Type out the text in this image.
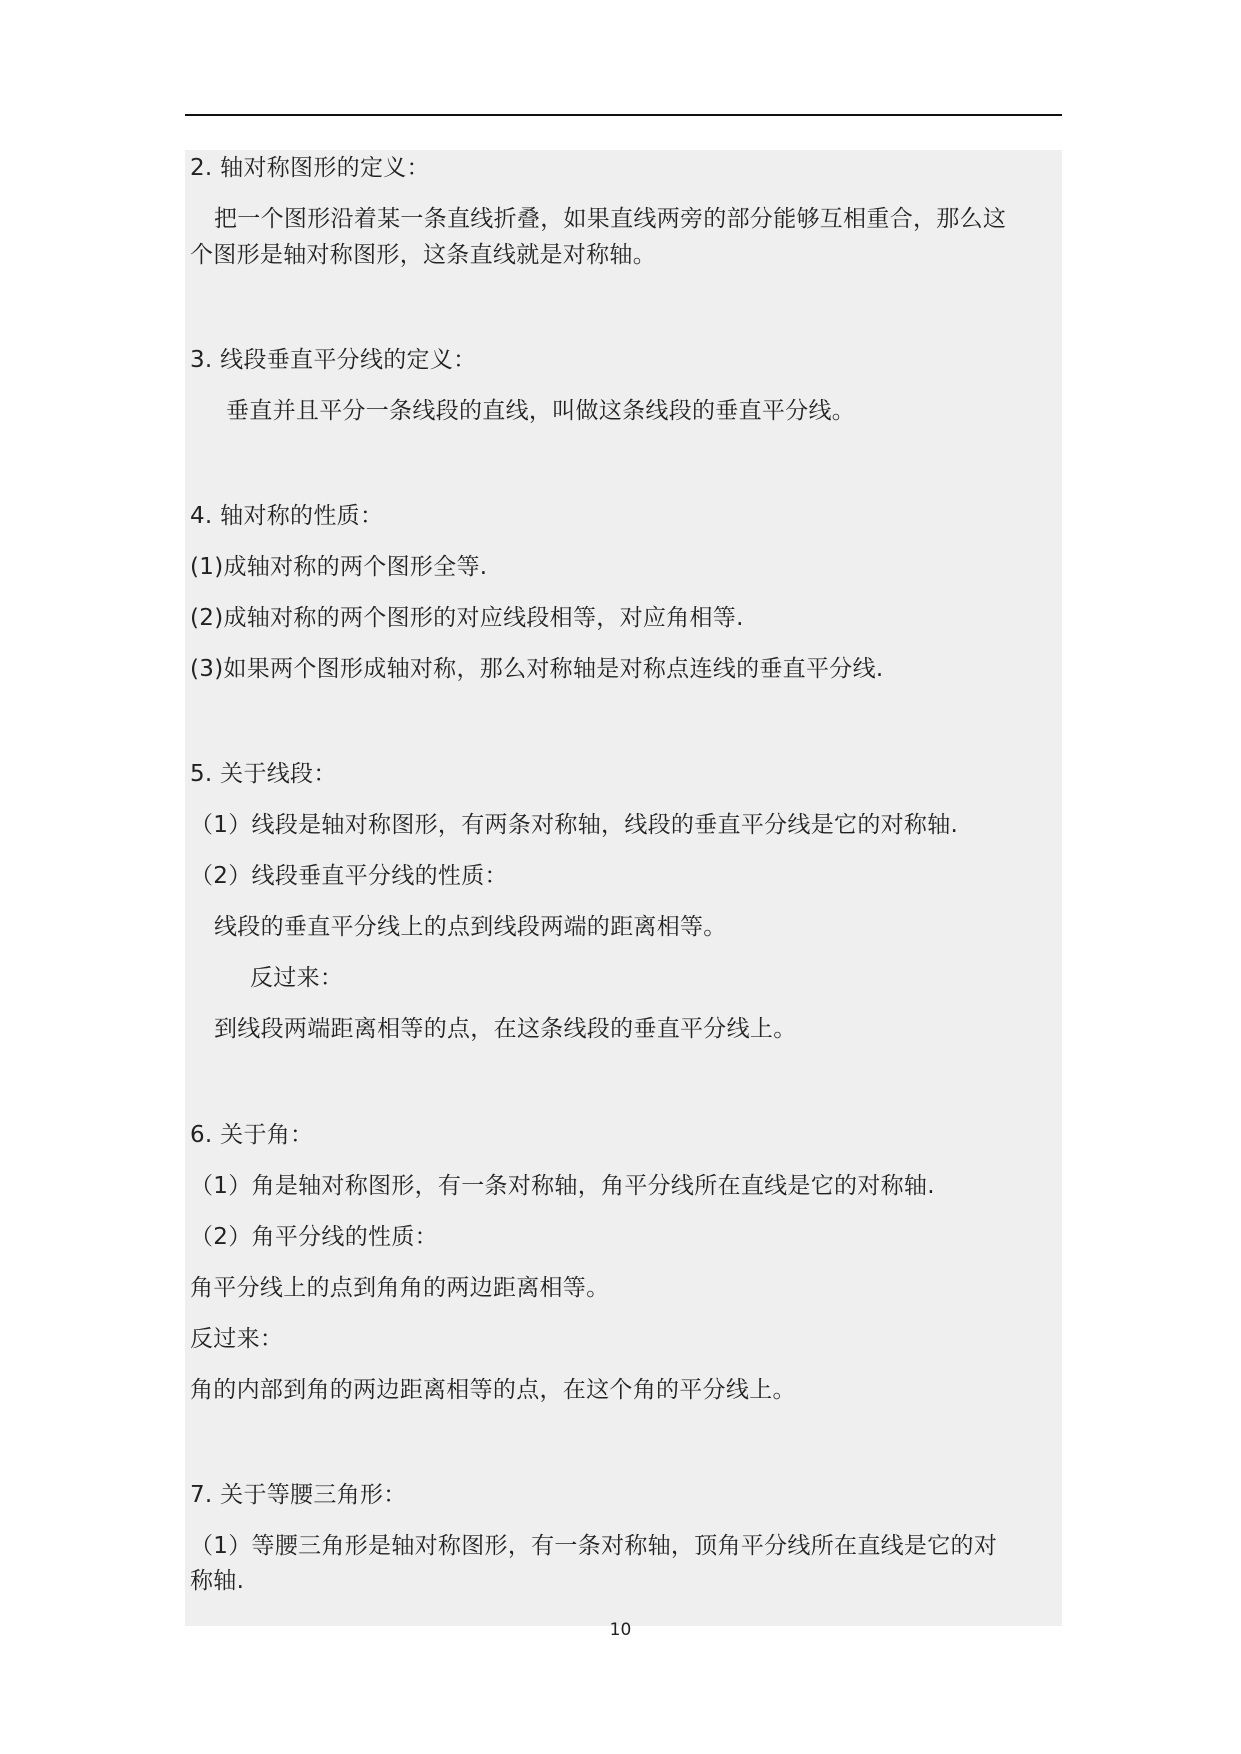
2. 轴对称图形的定义：
把一个图形沿着某一条直线折叠，如果直线两旁的部分能够互相重合，那么这
个图形是轴对称图形，这条直线就是对称轴。
3. 线段垂直平分线的定义：
垂直并且平分一条线段的直线，叫做这条线段的垂直平分线。
4. 轴对称的性质：
(1)成轴对称的两个图形全等.
(2)成轴对称的两个图形的对应线段相等，对应角相等.
(3)如果两个图形成轴对称，那么对称轴是对称点连线的垂直平分线.
5. 关于线段：
（1）线段是轴对称图形，有两条对称轴，线段的垂直平分线是它的对称轴.
（2）线段垂直平分线的性质：
线段的垂直平分线上的点到线段两端的距离相等。
反过来：
到线段两端距离相等的点，在这条线段的垂直平分线上。
6. 关于角：
（1）角是轴对称图形，有一条对称轴，角平分线所在直线是它的对称轴.
（2）角平分线的性质：
角平分线上的点到角角的两边距离相等。
反过来：
角的内部到角的两边距离相等的点，在这个角的平分线上。
7. 关于等腰三角形：
（1）等腰三角形是轴对称图形，有一条对称轴，顶角平分线所在直线是它的对
称轴.
10
